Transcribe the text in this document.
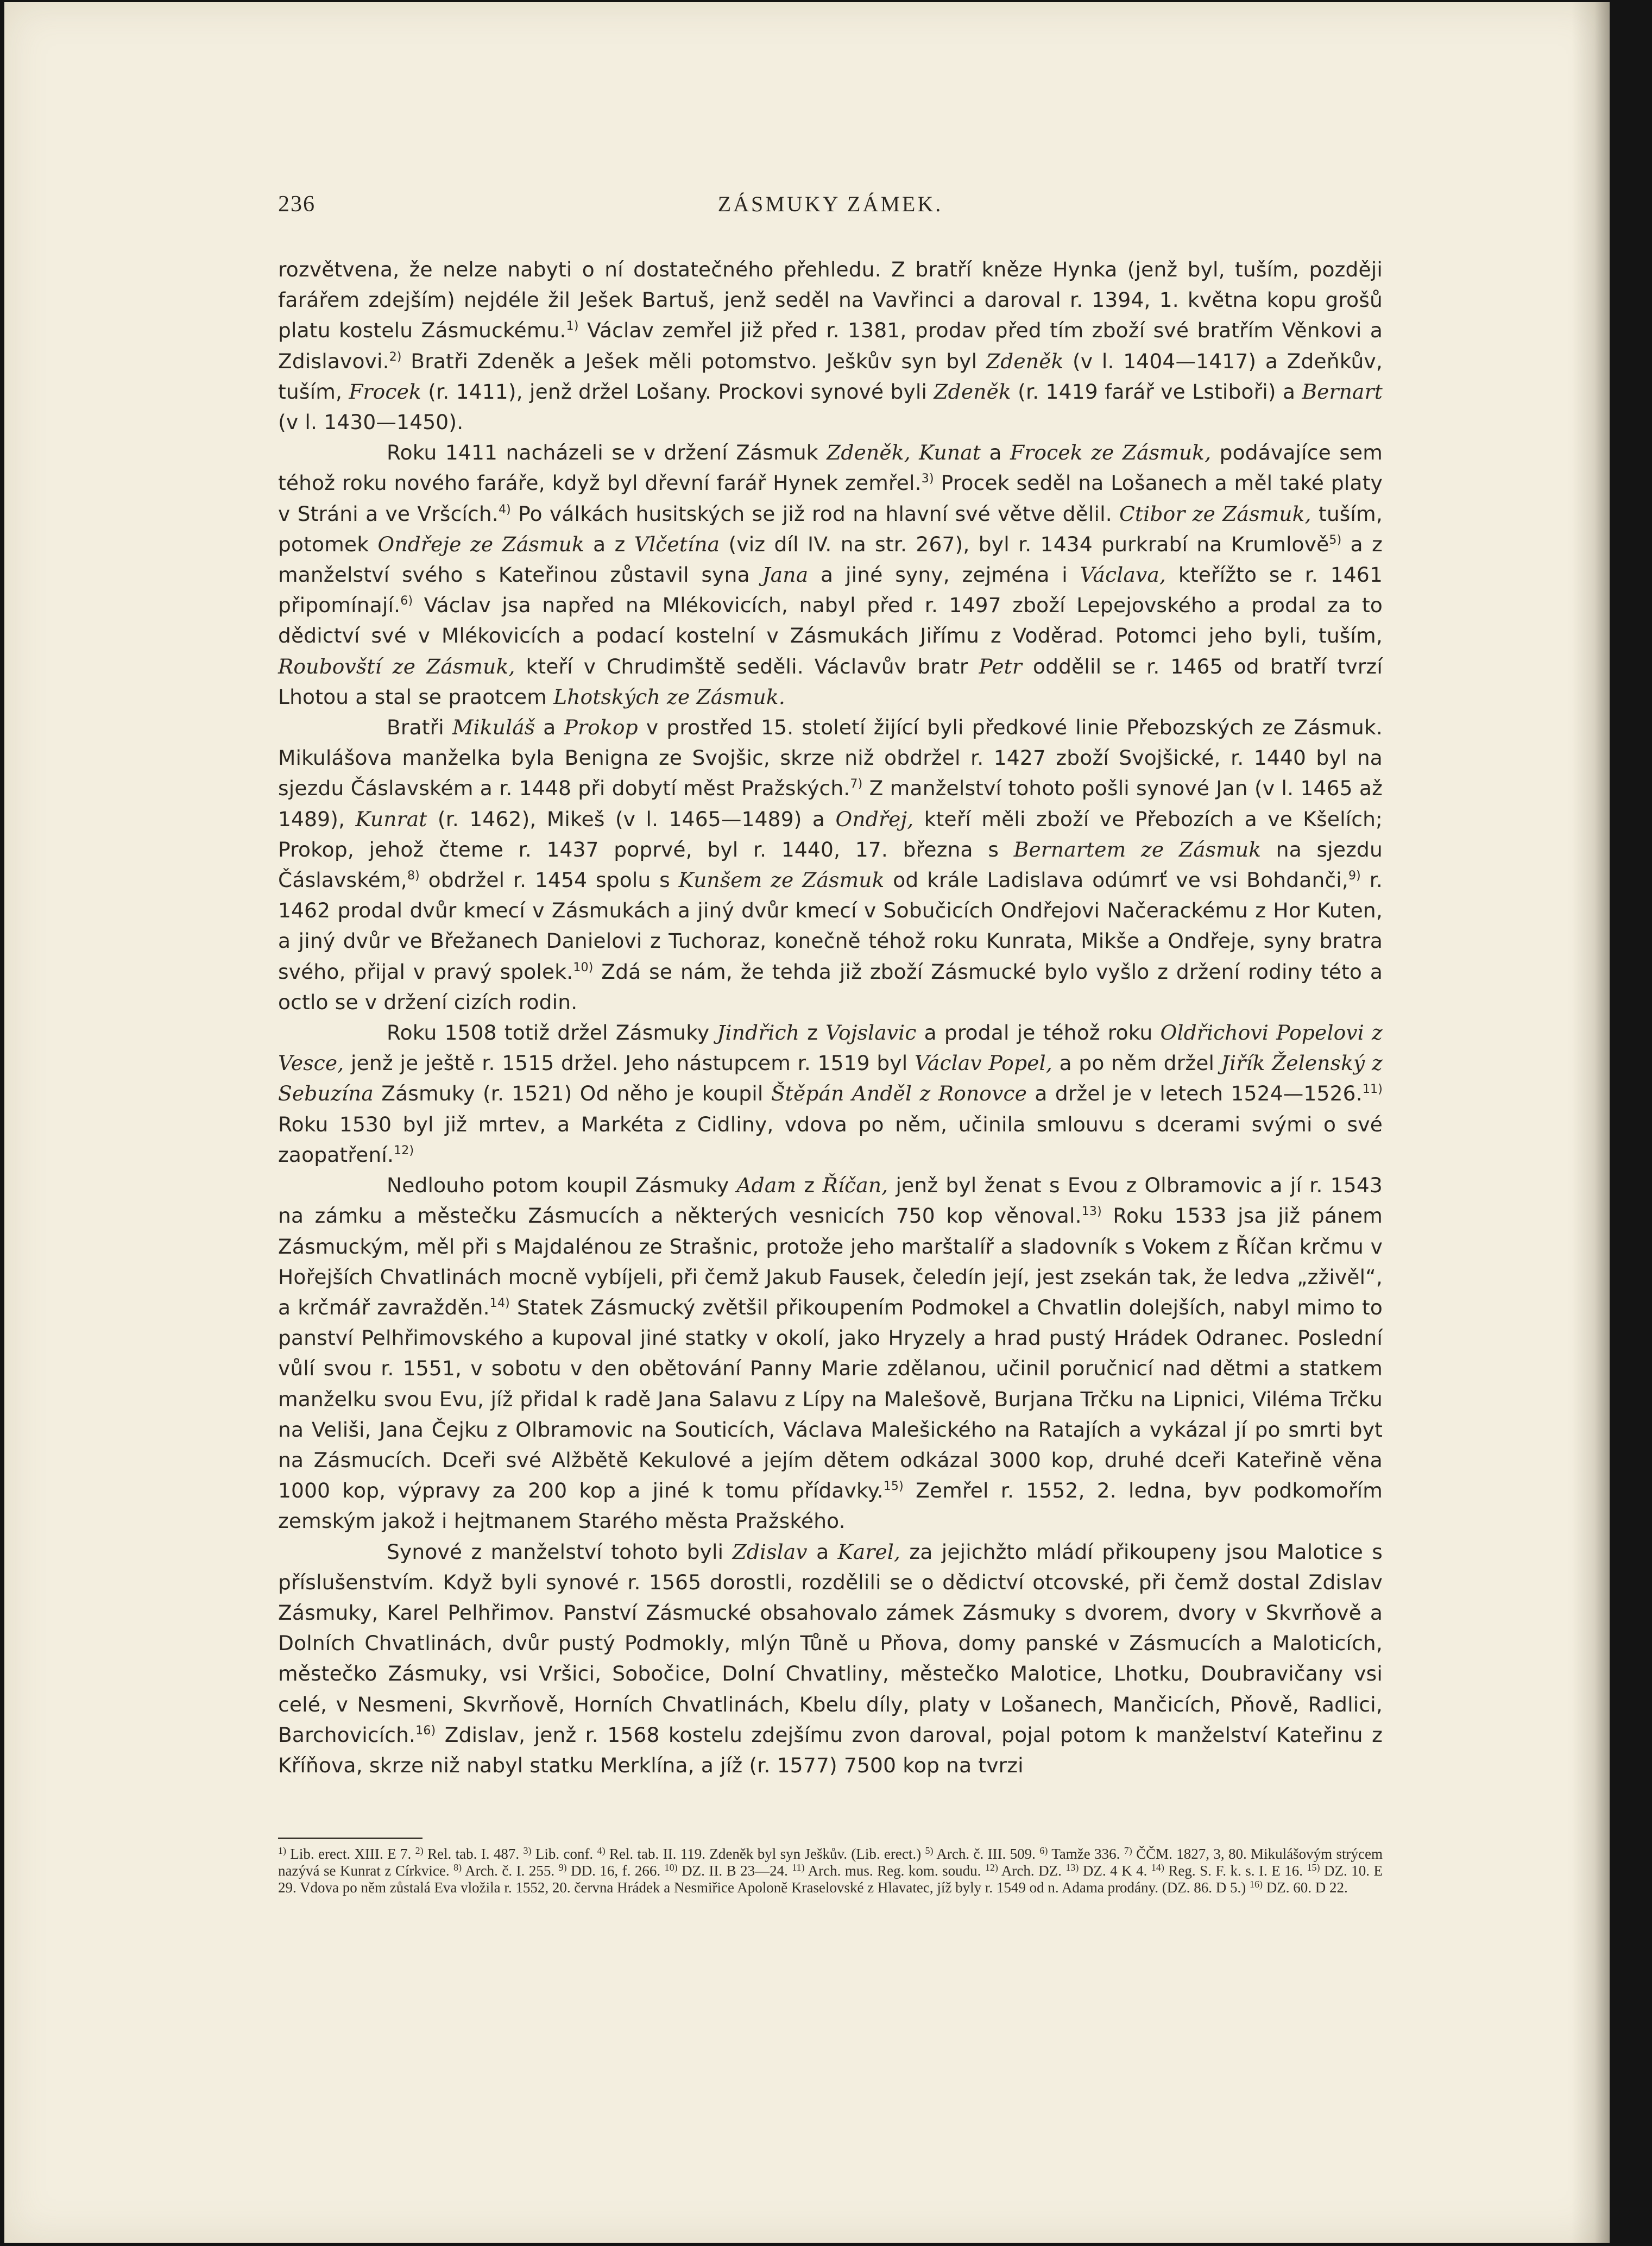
236	ZÁSMUKY ZÁMEK.

rozvětvena, že nelze nabyti o ní dostatečného přehledu. Z bratří kněze Hynka (jenž byl, tuším, později farářem zdejším) nejdéle žil Ješek Bartuš, jenž seděl na Vavřinci a daroval r. 1394, 1. května kopu grošů platu kostelu Zásmuckému.$^{1)}$ Václav zemřel již před r. 1381, prodav před tím zboží své bratřím Věnkovi a Zdislavovi.$^{2)}$ Bratři Zdeněk a Ješek měli potomstvo. Ješkův syn byl Zdeněk (v l. 1404—1417) a Zdeňkův, tuším, Frocek (r. 1411), jenž držel Lošany. Prockovi synové byli Zdeněk (r. 1419 farář ve Lstiboři) a Bernart (v l. 1430—1450).

Roku 1411 nacházeli se v držení Zásmuk Zdeněk, Kunat a Frocek ze Zásmuk, podávajíce sem téhož roku nového faráře, když byl dřevní farář Hynek zemřel.$^{3)}$ Procek seděl na Lošanech a měl také platy v Stráni a ve Vršcích.$^{4)}$ Po válkách husitských se již rod na hlavní své větve dělil. Ctibor ze Zásmuk, tuším, potomek Ondřeje ze Zásmuk a z Vlčetína (viz díl IV. na str. 267), byl r. 1434 purkrabí na Krumlově$^{5)}$ a z manželství svého s Kateřinou zůstavil syna Jana a jiné syny, zejména i Václava, kteřížto se r. 1461 připomínají.$^{6)}$ Václav jsa napřed na Mlékovicích, nabyl před r. 1497 zboží Lepejovského a prodal za to dědictví své v Mlékovicích a podací kostelní v Zásmukách Jiřímu z Voděrad. Potomci jeho byli, tuším, Roubovští ze Zásmuk, kteří v Chrudimště seděli. Václavův bratr Petr oddělil se r. 1465 od bratří tvrzí Lhotou a stal se praotcem Lhotských ze Zásmuk.

Bratři Mikuláš a Prokop v prostřed 15. století žijící byli předkové linie Přebozských ze Zásmuk. Mikulášova manželka byla Benigna ze Svojšic, skrze niž obdržel r. 1427 zboží Svojšické, r. 1440 byl na sjezdu Čáslavském a r. 1448 při dobytí měst Pražských.$^{7)}$ Z manželství tohoto pošli synové Jan (v l. 1465 až 1489), Kunrat (r. 1462), Mikeš (v l. 1465—1489) a Ondřej, kteří měli zboží ve Přebozích a ve Kšelích; Prokop, jehož čteme r. 1437 poprvé, byl r. 1440, 17. března s Bernartem ze Zásmuk na sjezdu Čáslavském,$^{8)}$ obdržel r. 1454 spolu s Kunšem ze Zásmuk od krále Ladislava odúmrť ve vsi Bohdanči,$^{9)}$ r. 1462 prodal dvůr kmecí v Zásmukách a jiný dvůr kmecí v Sobučicích Ondřejovi Načerackému z Hor Kuten, a jiný dvůr ve Břežanech Danielovi z Tuchoraz, konečně téhož roku Kunrata, Mikše a Ondřeje, syny bratra svého, přijal v pravý spolek.$^{10)}$ Zdá se nám, že tehda již zboží Zásmucké bylo vyšlo z držení rodiny této a octlo se v držení cizích rodin.

Roku 1508 totiž držel Zásmuky Jindřich z Vojslavic a prodal je téhož roku Oldřichovi Popelovi z Vesce, jenž je ještě r. 1515 držel. Jeho nástupcem r. 1519 byl Václav Popel, a po něm držel Jiřík Želenský z Sebuzína Zásmuky (r. 1521) Od něho je koupil Štěpán Anděl z Ronovce a držel je v letech 1524—1526.$^{11)}$ Roku 1530 byl již mrtev, a Markéta z Cidliny, vdova po něm, učinila smlouvu s dcerami svými o své zaopatření.$^{12)}$

Nedlouho potom koupil Zásmuky Adam z Říčan, jenž byl ženat s Evou z Olbramovic a jí r. 1543 na zámku a městečku Zásmucích a některých vesnicích 750 kop věnoval.$^{13)}$ Roku 1533 jsa již pánem Zásmuckým, měl při s Majdalénou ze Strašnic, protože jeho marštalíř a sladovník s Vokem z Říčan krčmu v Hořejších Chvatlinách mocně vybíjeli, při čemž Jakub Fausek, čeledín její, jest zsekán tak, že ledva „zživěl“, a krčmář zavražděn.$^{14)}$ Statek Zásmucký zvětšil přikoupením Podmokel a Chvatlin dolejších, nabyl mimo to panství Pelhřimovského a kupoval jiné statky v okolí, jako Hryzely a hrad pustý Hrádek Odranec. Poslední vůlí svou r. 1551, v sobotu v den obětování Panny Marie zdělanou, učinil poručnicí nad dětmi a statkem manželku svou Evu, jíž přidal k radě Jana Salavu z Lípy na Malešově, Burjana Trčku na Lipnici, Viléma Trčku na Veliši, Jana Čejku z Olbramovic na Souticích, Václava Malešického na Ratajích a vykázal jí po smrti byt na Zásmucích. Dceři své Alžbětě Kekulové a jejím dětem odkázal 3000 kop, druhé dceři Kateřině věna 1000 kop, výpravy za 200 kop a jiné k tomu přídavky.$^{15)}$ Zemřel r. 1552, 2. ledna, byv podkomořím zemským jakož i hejtmanem Starého města Pražského.

Synové z manželství tohoto byli Zdislav a Karel, za jejichžto mládí přikoupeny jsou Malotice s příslušenstvím. Když byli synové r. 1565 dorostli, rozdělili se o dědictví otcovské, při čemž dostal Zdislav Zásmuky, Karel Pelhřimov. Panství Zásmucké obsahovalo zámek Zásmuky s dvorem, dvory v Skvrňově a Dolních Chvatlinách, dvůr pustý Podmokly, mlýn Tůně u Pňova, domy panské v Zásmucích a Maloticích, městečko Zásmuky, vsi Vršici, Sobočice, Dolní Chvatliny, městečko Malotice, Lhotku, Doubravičany vsi celé, v Nesmeni, Skvrňově, Horních Chvatlinách, Kbelu díly, platy v Lošanech, Mančicích, Pňově, Radlici, Barchovicích.$^{16)}$ Zdislav, jenž r. 1568 kostelu zdejšímu zvon daroval, pojal potom k manželství Kateřinu z Kříňova, skrze niž nabyl statku Merklína, a jíž (r. 1577) 7500 kop na tvrzi

$^{1)}$ Lib. erect. XIII. E 7. $^{2)}$ Rel. tab. I. 487. $^{3)}$ Lib. conf. $^{4)}$ Rel. tab. II. 119. Zdeněk byl syn Ješkův. (Lib. erect.) $^{5)}$ Arch. č. III. 509. $^{6)}$ Tamže 336. $^{7)}$ ČČM. 1827, 3, 80. Mikulášovým strýcem nazývá se Kunrat z Církvice. $^{8)}$ Arch. č. I. 255. $^{9)}$ DD. 16, f. 266. $^{10)}$ DZ. II. B 23—24. $^{11)}$ Arch. mus. Reg. kom. soudu. $^{12)}$ Arch. DZ. $^{13)}$ DZ. 4 K 4. $^{14)}$ Reg. S. F. k. s. I. E 16. $^{15)}$ DZ. 10. E 29. Vdova po něm zůstalá Eva vložila r. 1552, 20. června Hrádek a Nesmiřice Apoloně Kraselovské z Hlavatec, jíž byly r. 1549 od n. Adama prodány. (DZ. 86. D 5.) $^{16)}$ DZ. 60. D 22.
